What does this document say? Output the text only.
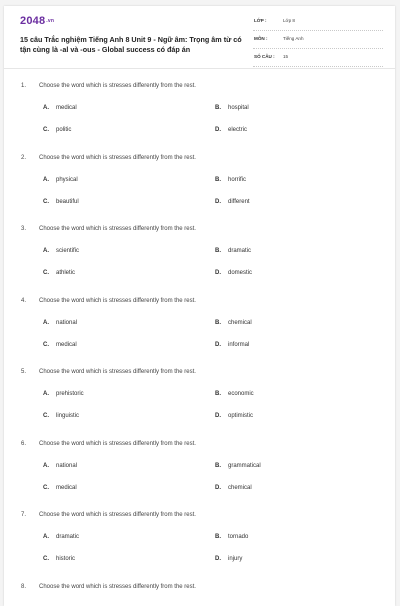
2048.vn
15 câu Trắc nghiệm Tiếng Anh 8 Unit 9 - Ngữ âm: Trọng âm từ có tận cùng là -al và -ous - Global success có đáp án
LỚP :	Lớp 8
MÔN :	Tiếng Anh
SỐ CÂU : 15
1. Choose the word which is stresses differently from the rest.
A. medical	B. hospital
C. politic	D. electric
2. Choose the word which is stresses differently from the rest.
A. physical	B. horrific
C. beautiful	D. different
3. Choose the word which is stresses differently from the rest.
A. scientific	B. dramatic
C. athletic	D. domestic
4. Choose the word which is stresses differently from the rest.
A. national	B. chemical
C. medical	D. informal
5. Choose the word which is stresses differently from the rest.
A. prehistoric	B. economic
C. linguistic	D. optimistic
6. Choose the word which is stresses differently from the rest.
A. national	B. grammatical
C. medical	D. chemical
7. Choose the word which is stresses differently from the rest.
A. dramatic	B. tornado
C. historic	D. injury
8. Choose the word which is stresses differently from the rest.
